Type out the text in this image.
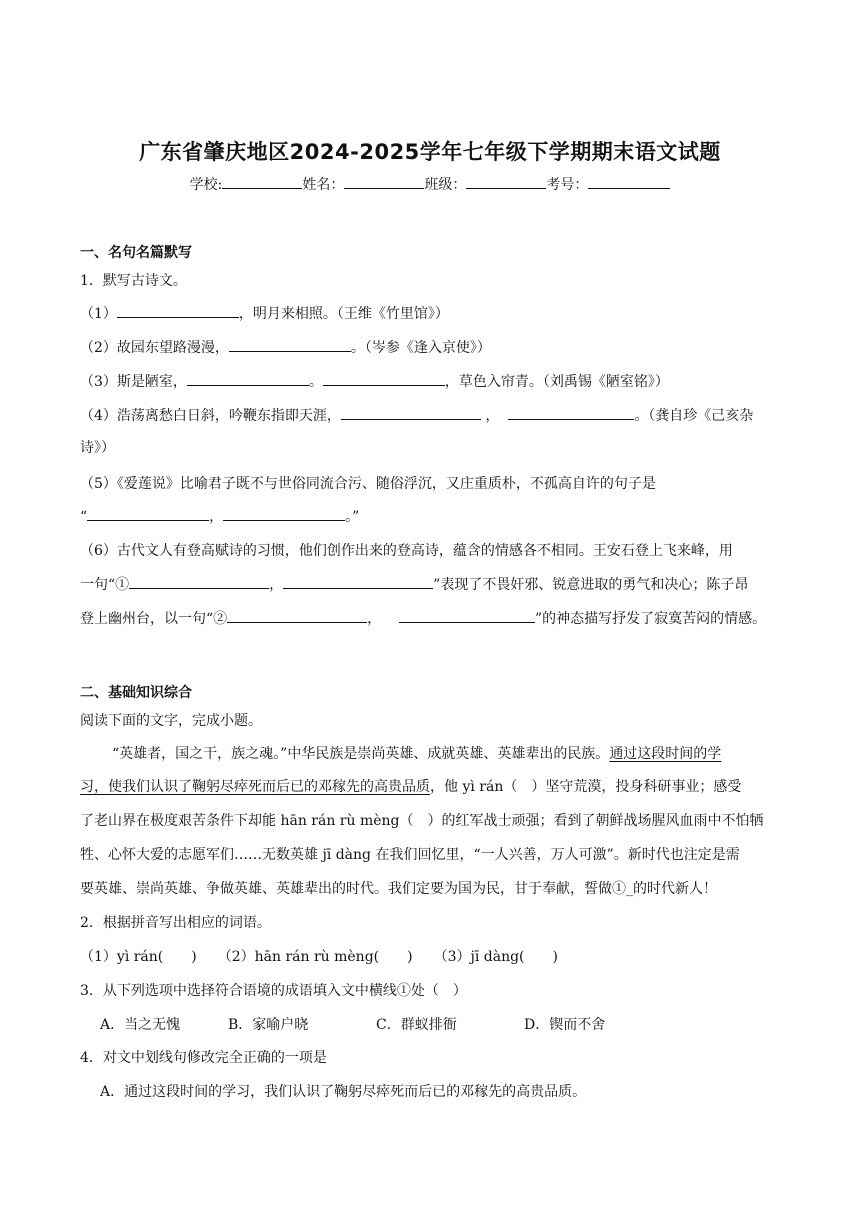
广东省肇庆地区2024-2025学年七年级下学期期末语文试题
学校:	姓名：	班级：	考号：
一、名句名篇默写
1．默写古诗文。
（1）	，明月来相照。（王维《竹里馆》）
（2）故园东望路漫漫，	。（岑参《逢入京使》）
（3）斯是陋室，	。	，草色入帘青。（刘禹锡《陋室铭》）
（4）浩荡离愁白日斜，吟鞭东指即天涯，	，	。（龚自珍《己亥杂
诗》）
（5）《爱莲说》比喻君子既不与世俗同流合污、随俗浮沉，又庄重质朴，不孤高自许的句子是
“	，	。”
（6）古代文人有登高赋诗的习惯，他们创作出来的登高诗，蕴含的情感各不相同。王安石登上飞来峰，用
一句“①	，	”表现了不畏奸邪、锐意进取的勇气和决心；陈子昂
登上幽州台，以一句“②	，	”的神态描写抒发了寂寞苦闷的情感。
二、基础知识综合
阅读下面的文字，完成小题。
“英雄者，国之干，族之魂。”中华民族是崇尚英雄、成就英雄、英雄辈出的民族。通过这段时间的学
习，使我们认识了鞠躬尽瘁死而后已的邓稼先的高贵品质，他 yì rán（　）坚守荒漠，投身科研事业；感受
了老山界在极度艰苦条件下却能 hān rán rù mèng（　）的红军战士顽强；看到了朝鲜战场腥风血雨中不怕牺
牲、心怀大爱的志愿军们……无数英雄 jī dàng 在我们回忆里，“一人兴善，万人可激”。新时代也注定是需
要英雄、崇尚英雄、争做英雄、英雄辈出的时代。我们定要为国为民，甘于奉献，誓做①_的时代新人！
2．根据拼音写出相应的词语。
（1）yì rán(　　)　　（2）hān rán rù mèng(　　)　　（3）jī dàng(　　)
3．从下列选项中选择符合语境的成语填入文中横线①处（　）
A．当之无愧	B．家喻户晓	C．群蚁排衙	D．锲而不舍
4．对文中划线句修改完全正确的一项是
A．通过这段时间的学习，我们认识了鞠躬尽瘁死而后已的邓稼先的高贵品质。
